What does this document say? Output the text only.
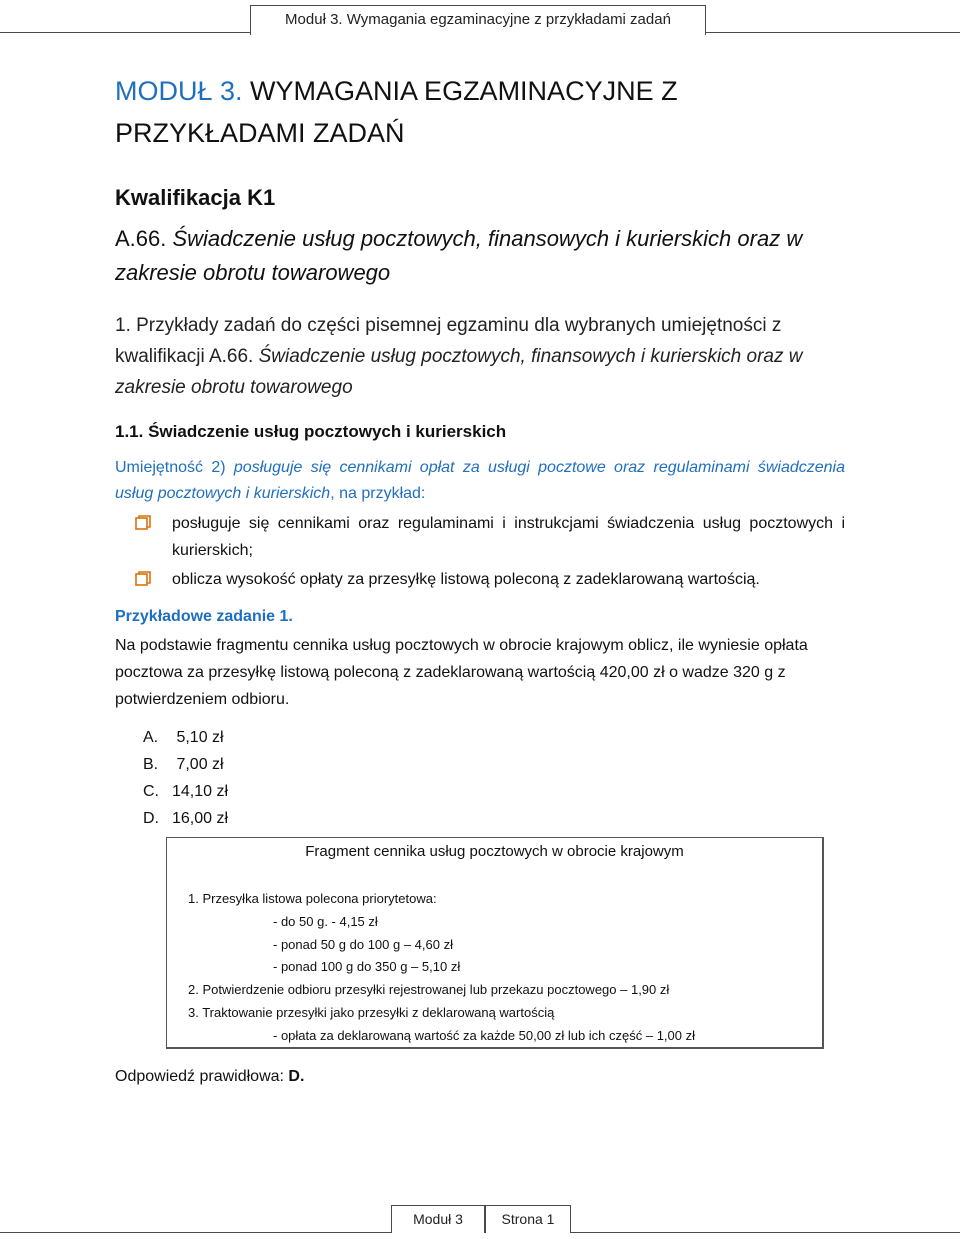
Moduł 3. Wymagania egzaminacyjne z przykładami zadań
MODUŁ 3. WYMAGANIA EGZAMINACYJNE Z PRZYKŁADAMI ZADAŃ
Kwalifikacja K1
A.66. Świadczenie usług pocztowych, finansowych i kurierskich oraz w zakresie obrotu towarowego
1. Przykłady zadań do części pisemnej egzaminu dla wybranych umiejętności z kwalifikacji A.66. Świadczenie usług pocztowych, finansowych i kurierskich oraz w zakresie obrotu towarowego
1.1. Świadczenie usług pocztowych i kurierskich
Umiejętność 2) posługuje się cennikami opłat za usługi pocztowe oraz regulaminami świadczenia usług pocztowych i kurierskich, na przykład:
posługuje się cennikami oraz regulaminami i instrukcjami świadczenia usług pocztowych i kurierskich;
oblicza wysokość opłaty za przesyłkę listową poleconą z zadeklarowaną wartością.
Przykładowe zadanie 1.
Na podstawie fragmentu cennika usług pocztowych w obrocie krajowym oblicz, ile wyniesie opłata pocztowa za przesyłkę listową poleconą z zadeklarowaną wartością 420,00 zł o wadze 320 g z potwierdzeniem odbioru.
A. 5,10 zł
B. 7,00 zł
C. 14,10 zł
D. 16,00 zł
Fragment cennika usług pocztowych w obrocie krajowym
1. Przesyłka listowa polecona priorytetowa:
- do 50 g. - 4,15 zł
- ponad 50 g do 100 g – 4,60 zł
- ponad 100 g do 350 g – 5,10 zł
2. Potwierdzenie odbioru przesyłki rejestrowanej lub przekazu pocztowego – 1,90 zł
3. Traktowanie przesyłki jako przesyłki z deklarowaną wartością
- opłata za deklarowaną wartość za każde 50,00 zł lub ich część – 1,00 zł
Odpowiedź prawidłowa: D.
Moduł 3	Strona 1
